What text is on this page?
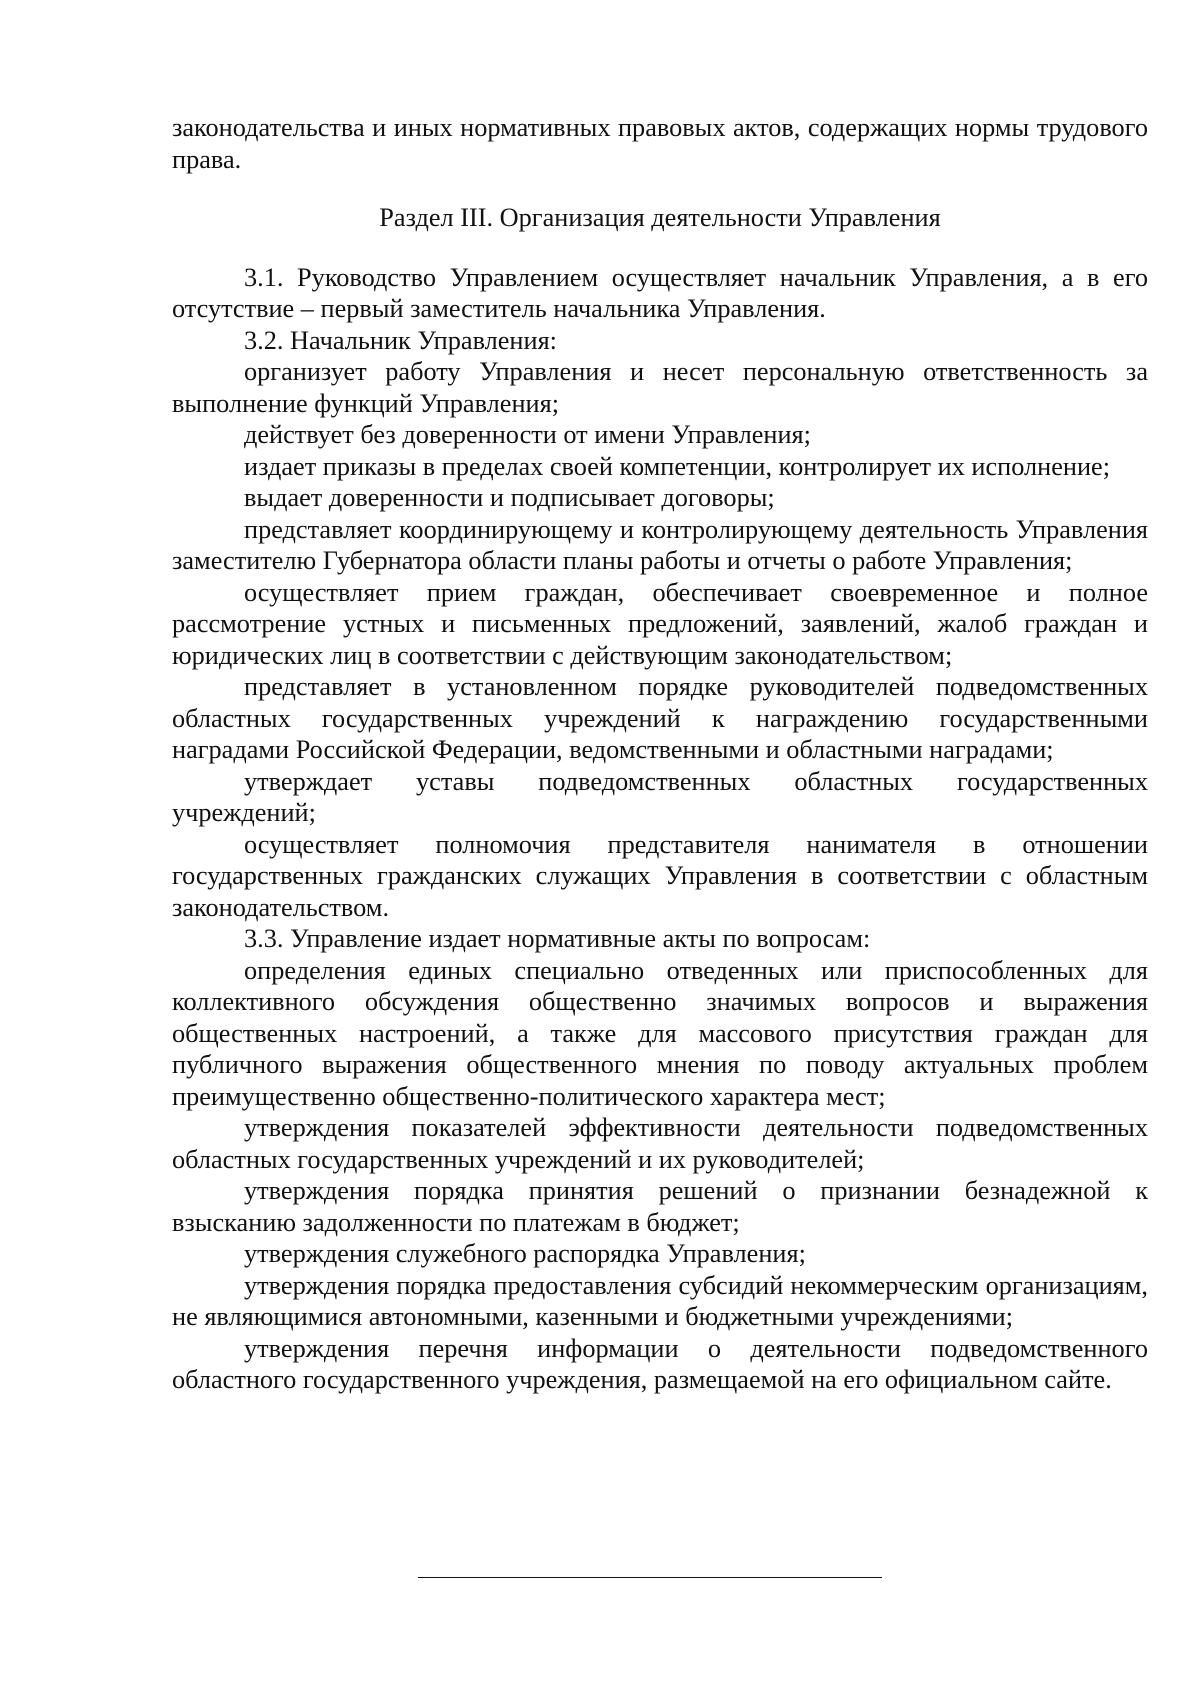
законодательства и иных нормативных правовых актов, содержащих нормы трудового права.

Раздел III. Организация деятельности Управления

3.1. Руководство Управлением осуществляет начальник Управления, а в его отсутствие – первый заместитель начальника Управления.

3.2. Начальник Управления:

организует работу Управления и несет персональную ответственность за выполнение функций Управления;

действует без доверенности от имени Управления;

издает приказы в пределах своей компетенции, контролирует их исполнение;

выдает доверенности и подписывает договоры;

представляет координирующему и контролирующему деятельность Управления заместителю Губернатора области планы работы и отчеты о работе Управления;

осуществляет прием граждан, обеспечивает своевременное и полное рассмотрение устных и письменных предложений, заявлений, жалоб граждан и юридических лиц в соответствии с действующим законодательством;

представляет в установленном порядке руководителей подведомственных областных государственных учреждений к награждению государственными наградами Российской Федерации, ведомственными и областными наградами;

утверждает уставы подведомственных областных государственных учреждений;

осуществляет полномочия представителя нанимателя в отношении государственных гражданских служащих Управления в соответствии с областным законодательством.

3.3. Управление издает нормативные акты по вопросам:

определения единых специально отведенных или приспособленных для коллективного обсуждения общественно значимых вопросов и выражения общественных настроений, а также для массового присутствия граждан для публичного выражения общественного мнения по поводу актуальных проблем преимущественно общественно-политического характера мест;

утверждения показателей эффективности деятельности подведомственных областных государственных учреждений и их руководителей;

утверждения порядка принятия решений о признании безнадежной к взысканию задолженности по платежам в бюджет;

утверждения служебного распорядка Управления;

утверждения порядка предоставления субсидий некоммерческим организациям, не являющимися автономными, казенными и бюджетными учреждениями;

утверждения перечня информации о деятельности подведомственного областного государственного учреждения, размещаемой на его официальном сайте.
